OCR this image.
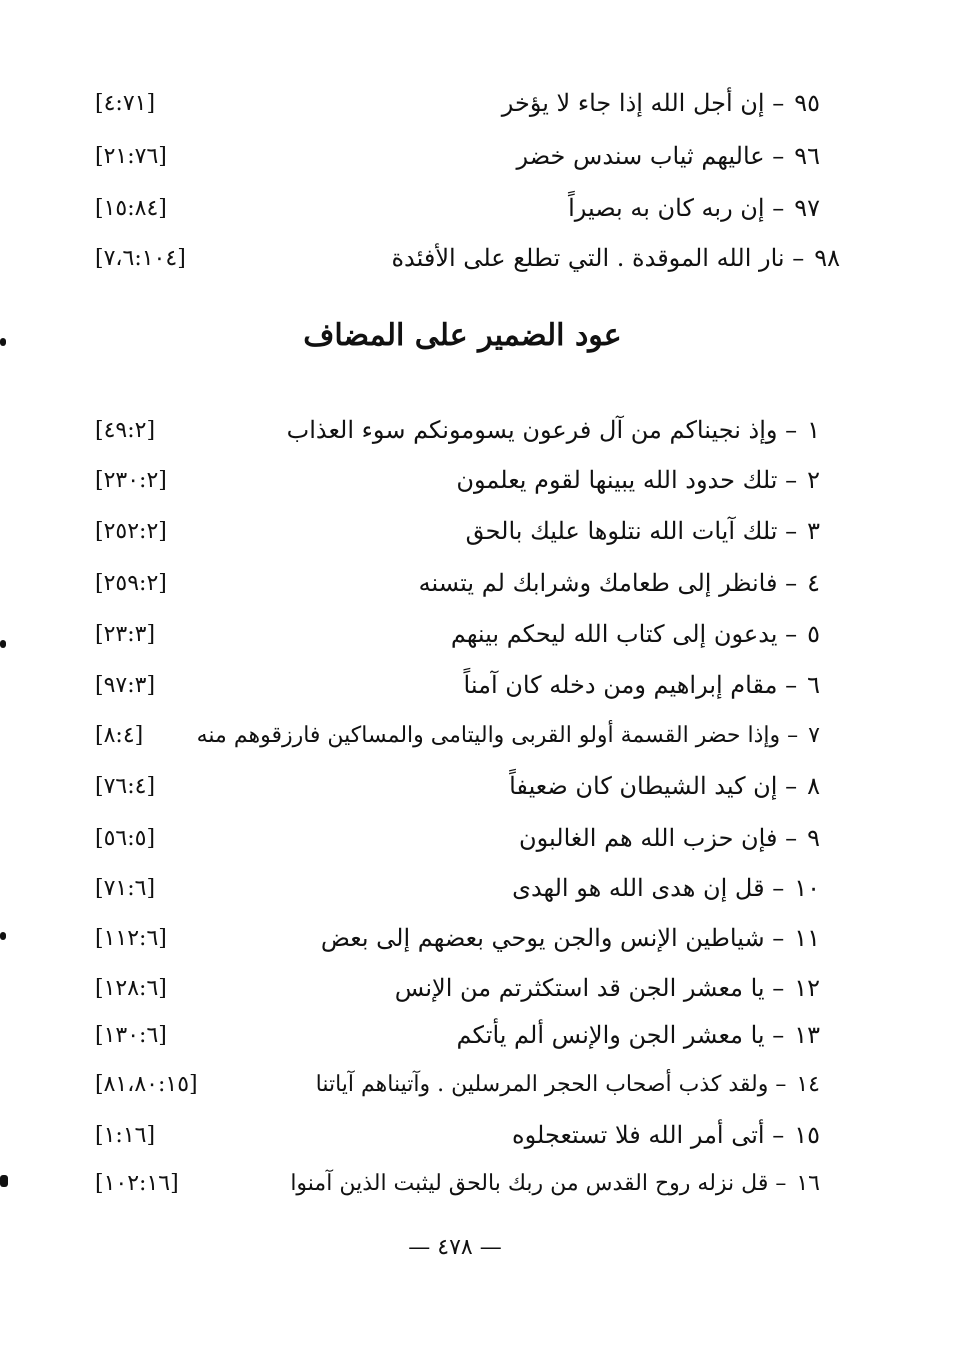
٩٥– إن أجل الله إذا جاء لا يؤخر
[٤:٧١]
٩٦– عاليهم ثياب سندس خضر
[٢١:٧٦]
٩٧– إن ربه كان به بصيراً
[١٥:٨٤]
٩٨– نار الله الموقدة . التي تطلع على الأفئدة
[٧،٦:١٠٤]
عود الضمير على المضاف
١– وإذ نجيناكم من آل فرعون يسومونكم سوء العذاب
[٤٩:٢]
٢– تلك حدود الله يبينها لقوم يعلمون
[٢٣٠:٢]
٣– تلك آيات الله نتلوها عليك بالحق
[٢٥٢:٢]
٤– فانظر إلى طعامك وشرابك لم يتسنه
[٢٥٩:٢]
٥– يدعون إلى كتاب الله ليحكم بينهم
[٢٣:٣]
٦– مقام إبراهيم ومن دخله كان آمناً
[٩٧:٣]
٧– وإذا حضر القسمة أولو القربى واليتامى والمساكين فارزقوهم منه
[٨:٤]
٨– إن كيد الشيطان كان ضعيفاً
[٧٦:٤]
٩– فإن حزب الله هم الغالبون
[٥٦:٥]
١٠– قل إن هدى الله هو الهدى
[٧١:٦]
١١– شياطين الإنس والجن يوحي بعضهم إلى بعض
[١١٢:٦]
١٢– يا معشر الجن قد استكثرتم من الإنس
[١٢٨:٦]
١٣– يا معشر الجن والإنس ألم يأتكم
[١٣٠:٦]
١٤– ولقد كذب أصحاب الحجر المرسلين . وآتيناهم آياتنا
[٨١،٨٠:١٥]
١٥– أتى أمر الله فلا تستعجلوه
[١:١٦]
١٦– قل نزله روح القدس من ربك بالحق ليثبت الذين آمنوا
[١٠٢:١٦]
— ٤٧٨ —
